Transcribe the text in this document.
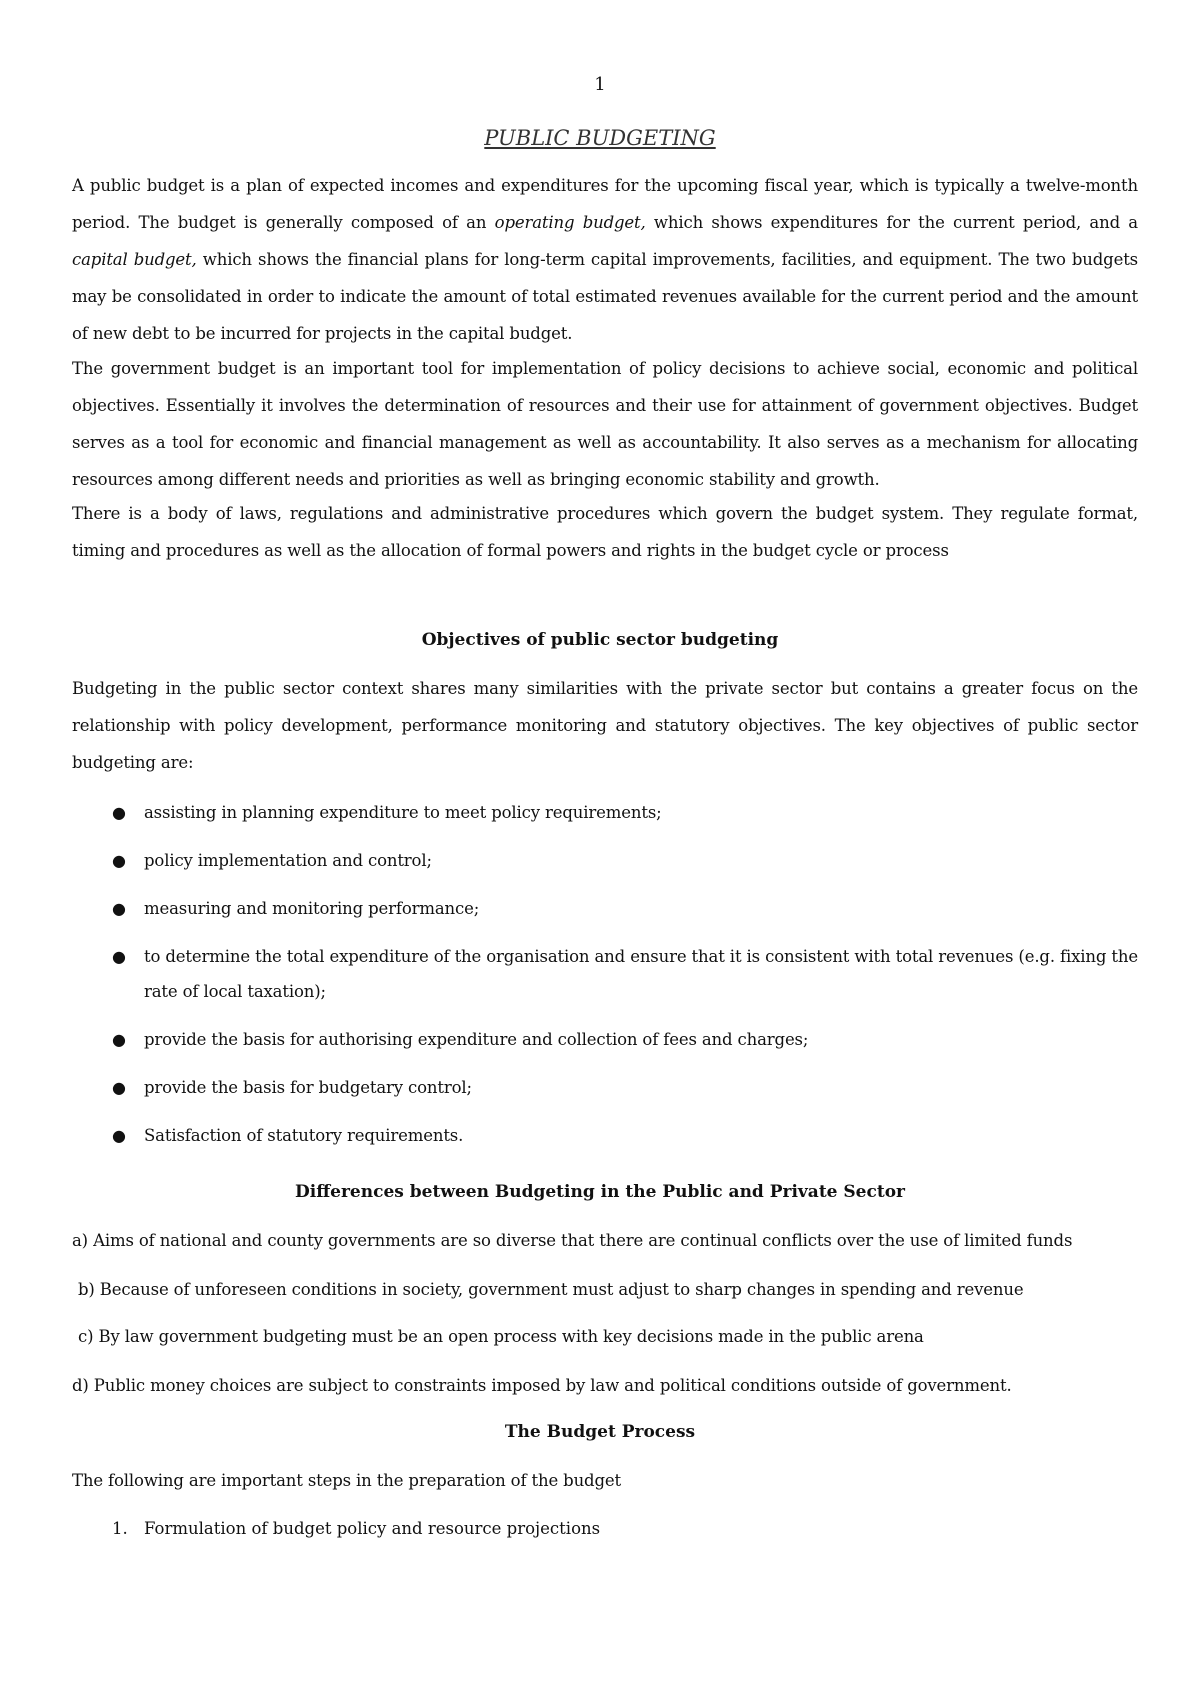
1
PUBLIC BUDGETING
A public budget is a plan of expected incomes and expenditures for the upcoming fiscal year, which is typically a twelve-month period. The budget is generally composed of an operating budget, which shows expenditures for the current period, and a capital budget, which shows the financial plans for long-term capital improvements, facilities, and equipment. The two budgets may be consolidated in order to indicate the amount of total estimated revenues available for the current period and the amount of new debt to be incurred for projects in the capital budget.
The government budget is an important tool for implementation of policy decisions to achieve social, economic and political objectives. Essentially it involves the determination of resources and their use for attainment of government objectives. Budget serves as a tool for economic and financial management as well as accountability. It also serves as a mechanism for allocating resources among different needs and priorities as well as bringing economic stability and growth.
There is a body of laws, regulations and administrative procedures which govern the budget system. They regulate format, timing and procedures as well as the allocation of formal powers and rights in the budget cycle or process
Objectives of public sector budgeting
Budgeting in the public sector context shares many similarities with the private sector but contains a greater focus on the relationship with policy development, performance monitoring and statutory objectives. The key objectives of public sector budgeting are:
● assisting in planning expenditure to meet policy requirements;
● policy implementation and control;
● measuring and monitoring performance;
● to determine the total expenditure of the organisation and ensure that it is consistent with total revenues (e.g. fixing the rate of local taxation);
● provide the basis for authorising expenditure and collection of fees and charges;
● provide the basis for budgetary control;
● Satisfaction of statutory requirements.
Differences between Budgeting in the Public and Private Sector
a) Aims of national and county governments are so diverse that there are continual conflicts over the use of limited funds
b) Because of unforeseen conditions in society, government must adjust to sharp changes in spending and revenue
c) By law government budgeting must be an open process with key decisions made in the public arena
d) Public money choices are subject to constraints imposed by law and political conditions outside of government.
The Budget Process
The following are important steps in the preparation of the budget
1. Formulation of budget policy and resource projections
